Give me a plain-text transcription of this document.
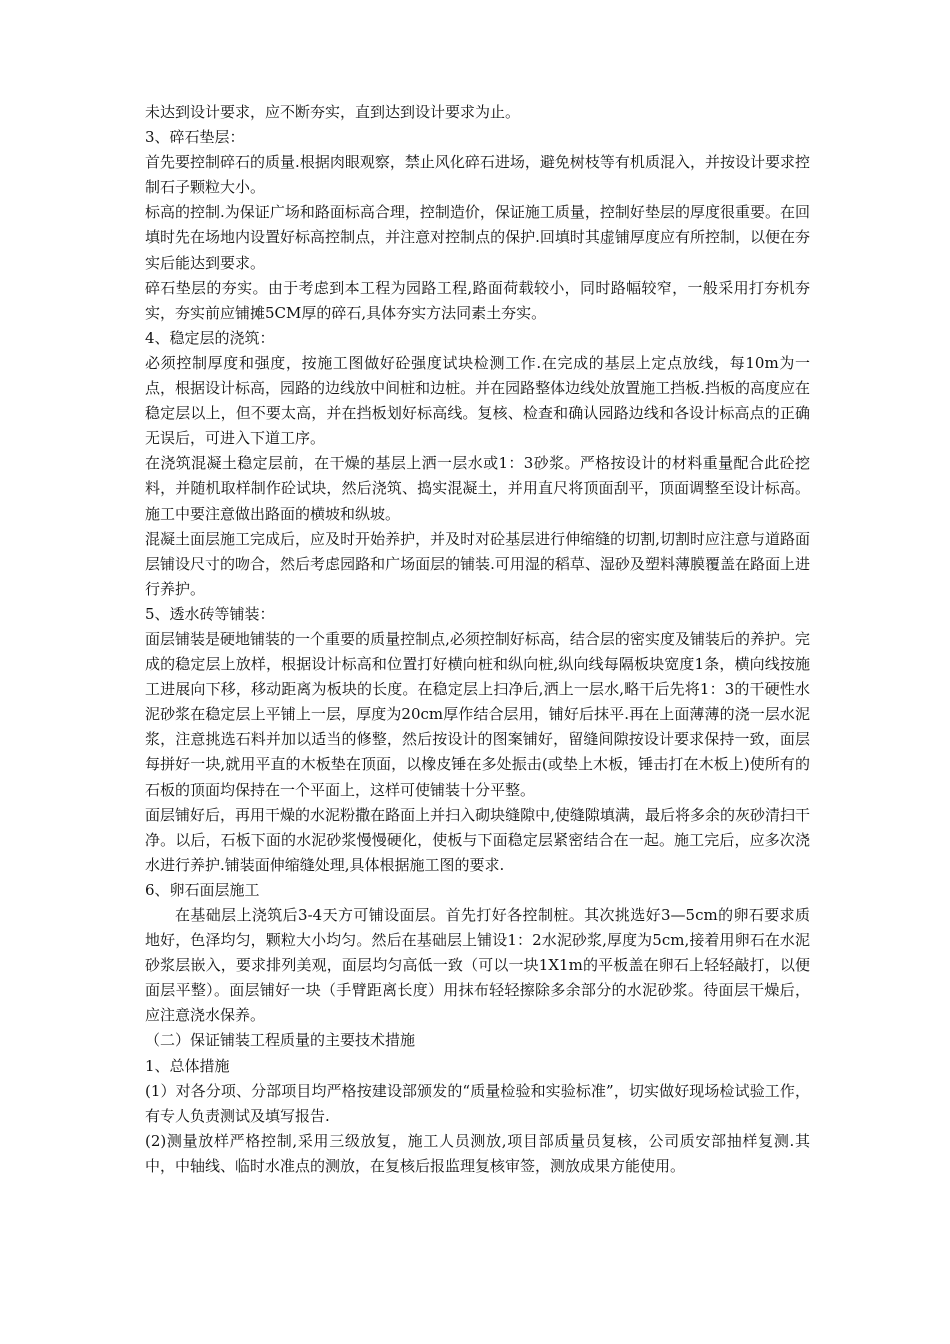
未达到设计要求，应不断夯实，直到达到设计要求为止。

3、碎石垫层：

首先要控制碎石的质量.根据肉眼观察，禁止风化碎石进场，避免树枝等有机质混入，并按设计要求控制石子颗粒大小。

标高的控制.为保证广场和路面标高合理，控制造价，保证施工质量，控制好垫层的厚度很重要。在回填时先在场地内设置好标高控制点，并注意对控制点的保护.回填时其虚铺厚度应有所控制，以便在夯实后能达到要求。

碎石垫层的夯实。由于考虑到本工程为园路工程,路面荷载较小，同时路幅较窄，一般采用打夯机夯实，夯实前应铺摊5CM厚的碎石,具体夯实方法同素土夯实。

4、稳定层的浇筑：

必须控制厚度和强度，按施工图做好砼强度试块检测工作.在完成的基层上定点放线，每10m为一点，根据设计标高，园路的边线放中间桩和边桩。并在园路整体边线处放置施工挡板.挡板的高度应在稳定层以上，但不要太高，并在挡板划好标高线。复核、检查和确认园路边线和各设计标高点的正确无误后，可进入下道工序。

在浇筑混凝土稳定层前，在干燥的基层上洒一层水或1：3砂浆。严格按设计的材料重量配合此砼挖料，并随机取样制作砼试块，然后浇筑、捣实混凝土，并用直尺将顶面刮平，顶面调整至设计标高。施工中要注意做出路面的横坡和纵坡。

混凝土面层施工完成后，应及时开始养护，并及时对砼基层进行伸缩缝的切割,切割时应注意与道路面层铺设尺寸的吻合，然后考虑园路和广场面层的铺装.可用湿的稻草、湿砂及塑料薄膜覆盖在路面上进行养护。

5、透水砖等铺装：

面层铺装是硬地铺装的一个重要的质量控制点,必须控制好标高，结合层的密实度及铺装后的养护。完成的稳定层上放样，根据设计标高和位置打好横向桩和纵向桩,纵向线每隔板块宽度1条，横向线按施工进展向下移，移动距离为板块的长度。在稳定层上扫净后,洒上一层水,略干后先将1：3的干硬性水泥砂浆在稳定层上平铺上一层，厚度为20cm厚作结合层用，铺好后抹平.再在上面薄薄的浇一层水泥浆，注意挑选石料并加以适当的修整，然后按设计的图案铺好，留缝间隙按设计要求保持一致，面层每拼好一块,就用平直的木板垫在顶面，以橡皮锤在多处振击(或垫上木板，锤击打在木板上)使所有的石板的顶面均保持在一个平面上，这样可使铺装十分平整。

面层铺好后，再用干燥的水泥粉撒在路面上并扫入砌块缝隙中,使缝隙填满，最后将多余的灰砂清扫干净。以后，石板下面的水泥砂浆慢慢硬化，使板与下面稳定层紧密结合在一起。施工完后，应多次浇水进行养护.铺装面伸缩缝处理,具体根据施工图的要求.

6、卵石面层施工

在基础层上浇筑后3-4天方可铺设面层。首先打好各控制桩。其次挑选好3—5cm的卵石要求质地好，色泽均匀，颗粒大小均匀。然后在基础层上铺设1：2水泥砂浆,厚度为5cm,接着用卵石在水泥砂浆层嵌入，要求排列美观，面层均匀高低一致（可以一块1X1m的平板盖在卵石上轻轻敲打，以便面层平整）。面层铺好一块（手臂距离长度）用抹布轻轻擦除多余部分的水泥砂浆。待面层干燥后，应注意浇水保养。

（二）保证铺装工程质量的主要技术措施

1、总体措施

(1）对各分项、分部项目均严格按建设部颁发的“质量检验和实验标准”，切实做好现场检试验工作，有专人负责测试及填写报告.

(2)测量放样严格控制,采用三级放复，施工人员测放,项目部质量员复核，公司质安部抽样复测.其中，中轴线、临时水准点的测放，在复核后报监理复核审签，测放成果方能使用。
